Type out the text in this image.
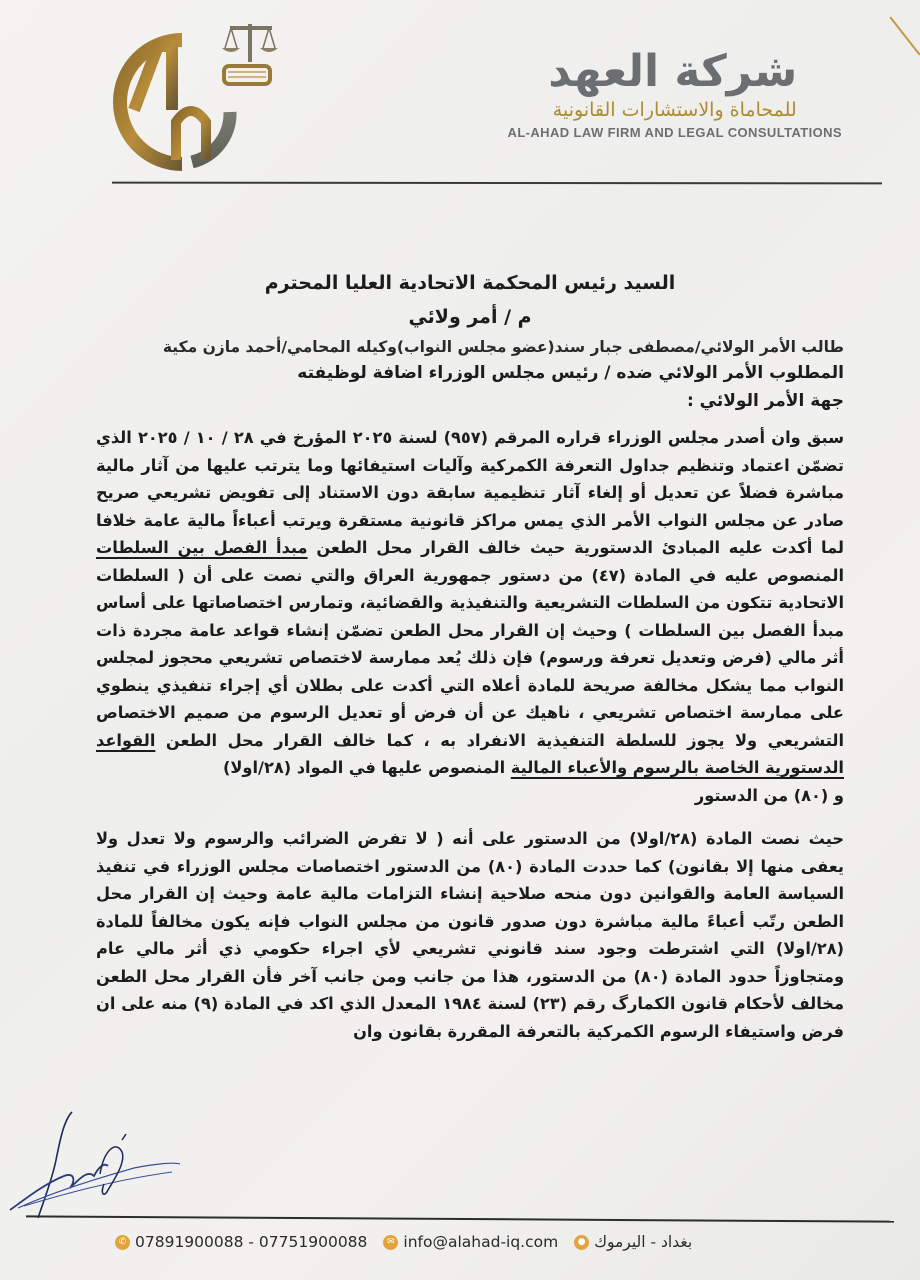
شركة العهد
للمحاماة والاستشارات القانونية
AL-AHAD LAW FIRM AND LEGAL CONSULTATIONS
السيد رئيس المحكمة الاتحادية العليا المحترم
م / أمر ولائي
طالب الأمر الولائي/مصطفى جبار سند(عضو مجلس النواب)وكيله المحامي/أحمد مازن مكية
المطلوب الأمر الولائي ضده / رئيس مجلس الوزراء اضافة لوظيفته
جهة الأمر الولائي :

سبق وان أصدر مجلس الوزراء قراره المرقم (٩٥٧) لسنة ٢٠٢٥ المؤرخ في ٢٨ / ١٠ / ٢٠٢٥ الذي تضمّن اعتماد وتنظيم جداول التعرفة الكمركية وآليات استيفائها وما يترتب عليها من آثار مالية مباشرة فضلاً عن تعديل أو إلغاء آثار تنظيمية سابقة دون الاستناد إلى تفويض تشريعي صريح صادر عن مجلس النواب الأمر الذي يمس مراكز قانونية مستقرة ويرتب أعباءاً مالية عامة خلافا لما أكدت عليه المبادئ الدستورية حيث خالف القرار محل الطعن مبدأ الفصل بين السلطات المنصوص عليه في المادة (٤٧) من دستور جمهورية العراق والتي نصت على أن ( السلطات الاتحادية تتكون من السلطات التشريعية والتنفيذية والقضائية، وتمارس اختصاصاتها على أساس مبدأ الفصل بين السلطات ) وحيث إن القرار محل الطعن تضمّن إنشاء قواعد عامة مجردة ذات أثر مالي (فرض وتعديل تعرفة ورسوم) فإن ذلك يُعد ممارسة لاختصاص تشريعي محجوز لمجلس النواب مما يشكل مخالفة صريحة للمادة أعلاه التي أكدت على بطلان أي إجراء تنفيذي ينطوي على ممارسة اختصاص تشريعي ، ناهيك عن أن فرض أو تعديل الرسوم من صميم الاختصاص التشريعي ولا يجوز للسلطة التنفيذية الانفراد به ، كما خالف القرار محل الطعن القواعد الدستورية الخاصة بالرسوم والأعباء المالية المنصوص عليها في المواد (٢٨/اولا)
و (٨٠) من الدستور

حيث نصت المادة (٢٨/اولا) من الدستور على أنه ( لا تفرض الضرائب والرسوم ولا تعدل ولا يعفى منها إلا بقانون) كما حددت المادة (٨٠) من الدستور اختصاصات مجلس الوزراء في تنفيذ السياسة العامة والقوانين دون منحه صلاحية إنشاء التزامات مالية عامة وحيث إن القرار محل الطعن رتّب أعباءً مالية مباشرة دون صدور قانون من مجلس النواب فإنه يكون مخالفاً للمادة (٢٨/اولا) التي اشترطت وجود سند قانوني تشريعي لأي اجراء حكومي ذي أثر مالي عام ومتجاوزاً حدود المادة (٨٠) من الدستور، هذا من جانب ومن جانب آخر فأن القرار محل الطعن مخالف لأحكام قانون الكمارگ رقم (٢٣) لسنة ١٩٨٤ المعدل الذي اكد في المادة (٩) منه على ان فرض واستيفاء الرسوم الكمركية بالتعرفة المقررة بقانون وان

✆ 07891900088 - 07751900088	✉ info@alahad-iq.com	● بغداد - اليرموك
